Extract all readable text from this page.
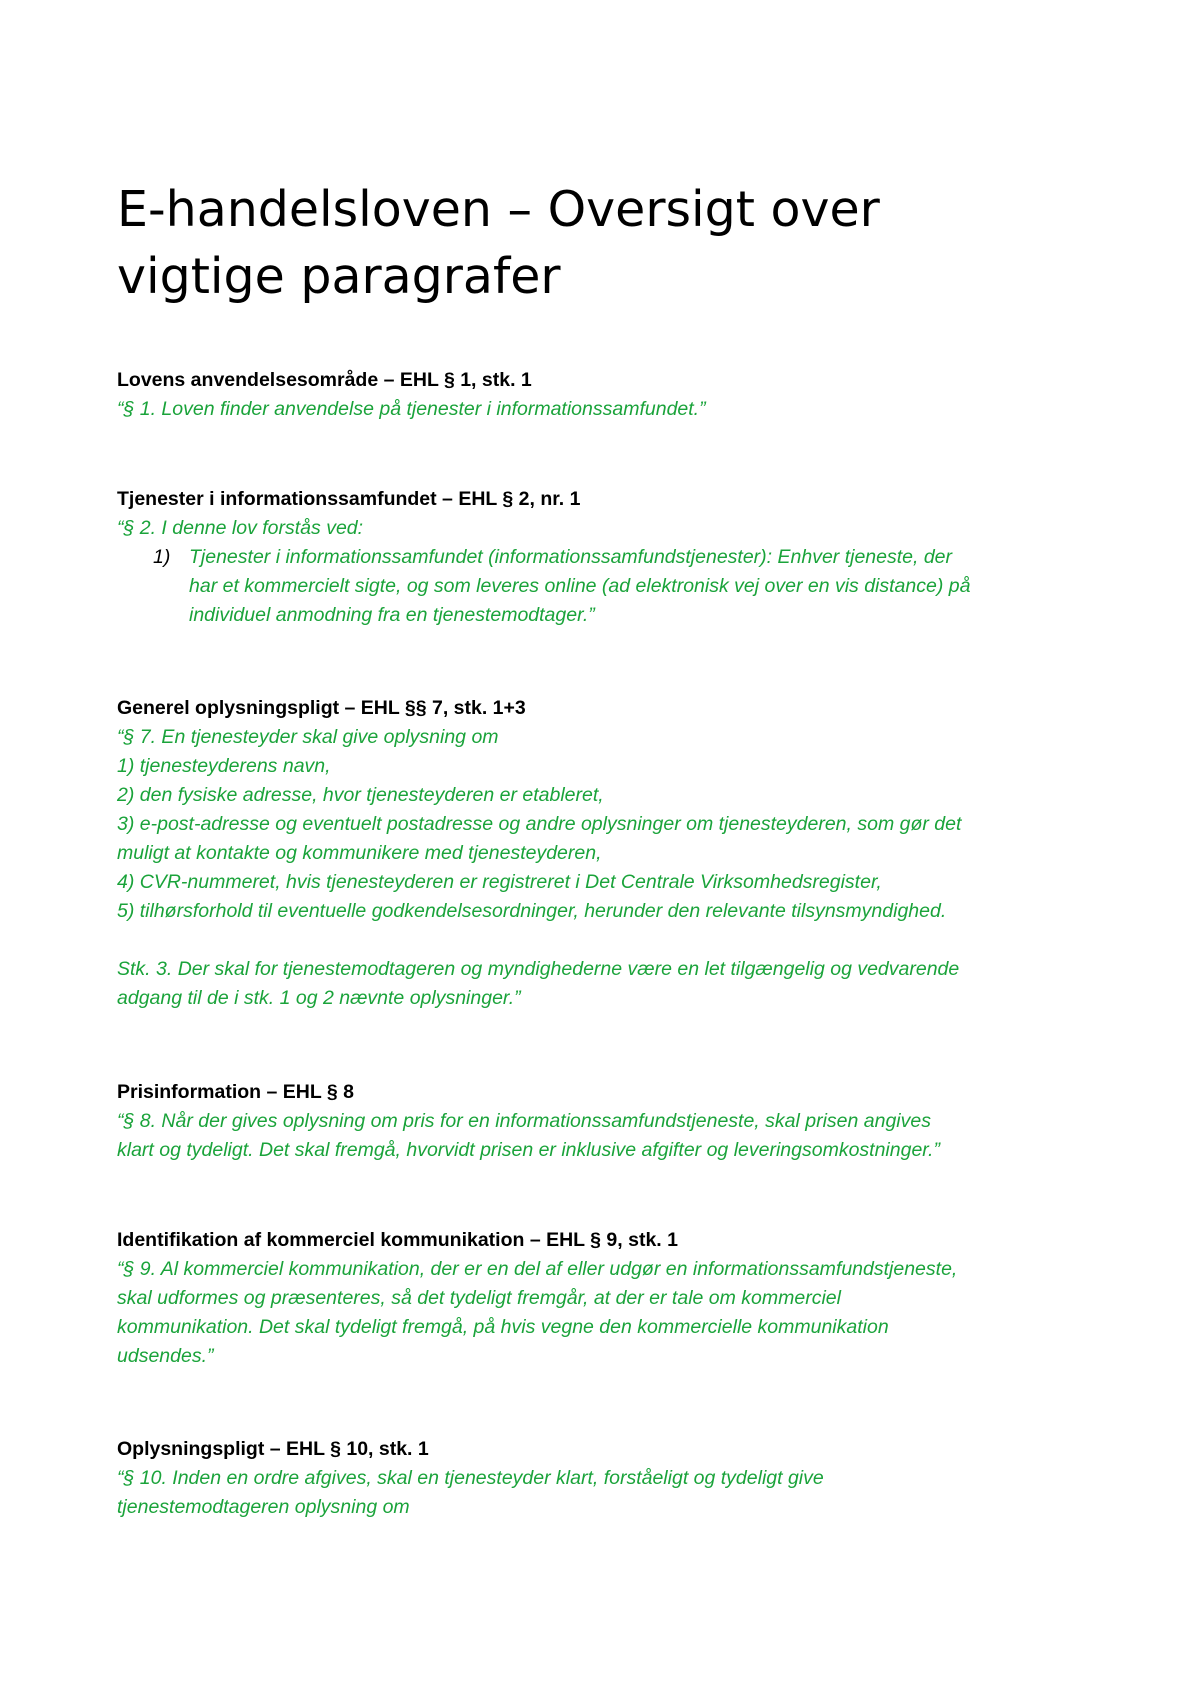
E-handelsloven – Oversigt over
vigtige paragrafer
Lovens anvendelsesområde – EHL § 1, stk. 1
“§ 1. Loven finder anvendelse på tjenester i informationssamfundet.”
Tjenester i informationssamfundet – EHL § 2, nr. 1
“§ 2. I denne lov forstås ved:
1) Tjenester i informationssamfundet (informationssamfundstjenester): Enhver tjeneste, der
har et kommercielt sigte, og som leveres online (ad elektronisk vej over en vis distance) på
individuel anmodning fra en tjenestemodtager.”
Generel oplysningspligt – EHL §§ 7, stk. 1+3
“§ 7. En tjenesteyder skal give oplysning om
1) tjenesteyderens navn,
2) den fysiske adresse, hvor tjenesteyderen er etableret,
3) e-post-adresse og eventuelt postadresse og andre oplysninger om tjenesteyderen, som gør det
muligt at kontakte og kommunikere med tjenesteyderen,
4) CVR-nummeret, hvis tjenesteyderen er registreret i Det Centrale Virksomhedsregister,
5) tilhørsforhold til eventuelle godkendelsesordninger, herunder den relevante tilsynsmyndighed.
Stk. 3. Der skal for tjenestemodtageren og myndighederne være en let tilgængelig og vedvarende
adgang til de i stk. 1 og 2 nævnte oplysninger.”
Prisinformation – EHL § 8
“§ 8. Når der gives oplysning om pris for en informationssamfundstjeneste, skal prisen angives
klart og tydeligt. Det skal fremgå, hvorvidt prisen er inklusive afgifter og leveringsomkostninger.”
Identifikation af kommerciel kommunikation – EHL § 9, stk. 1
“§ 9. Al kommerciel kommunikation, der er en del af eller udgør en informationssamfundstjeneste,
skal udformes og præsenteres, så det tydeligt fremgår, at der er tale om kommerciel
kommunikation. Det skal tydeligt fremgå, på hvis vegne den kommercielle kommunikation
udsendes.”
Oplysningspligt – EHL § 10, stk. 1
“§ 10. Inden en ordre afgives, skal en tjenesteyder klart, forståeligt og tydeligt give
tjenestemodtageren oplysning om
